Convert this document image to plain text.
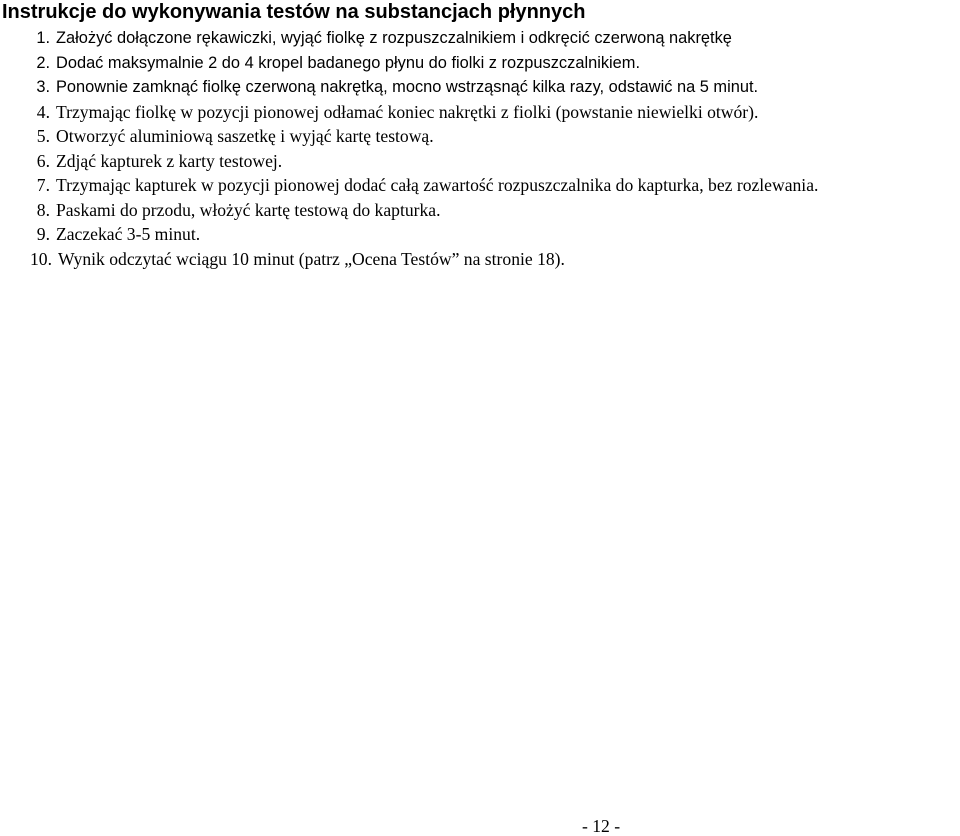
Instrukcje do wykonywania testów na substancjach płynnych
1. Założyć dołączone rękawiczki, wyjąć fiolkę z rozpuszczalnikiem i odkręcić czerwoną nakrętkę
2. Dodać maksymalnie 2 do 4 kropel badanego płynu do fiolki z rozpuszczalnikiem.
3. Ponownie zamknąć fiolkę czerwoną nakrętką, mocno wstrząsnąć kilka razy, odstawić na 5 minut.
4. Trzymając fiolkę w pozycji pionowej odłamać koniec nakrętki z fiolki (powstanie niewielki otwór).
5. Otworzyć aluminiową saszetkę i wyjąć kartę testową.
6. Zdjąć kapturek z karty testowej.
7. Trzymając kapturek w pozycji pionowej dodać całą zawartość rozpuszczalnika do kapturka, bez rozlewania.
8. Paskami do przodu, włożyć kartę testową do kapturka.
9. Zaczekać 3-5 minut.
10. Wynik odczytać wciągu 10 minut (patrz „Ocena Testów” na stronie 18).
- 12 -
